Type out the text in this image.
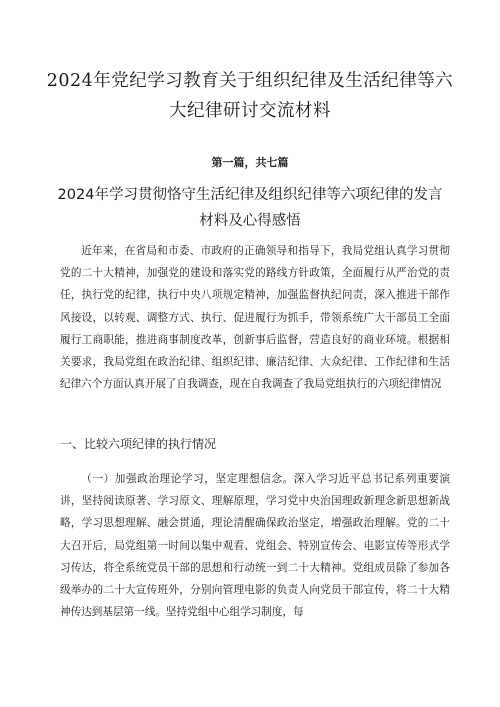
2024年党纪学习教育关于组织纪律及生活纪律等六大纪律研讨交流材料

第一篇，共七篇

2024年学习贯彻恪守生活纪律及组织纪律等六项纪律的发言材料及心得感悟

近年来，在省局和市委、市政府的正确领导和指导下，我局党组认真学习贯彻党的二十大精神，加强党的建设和落实党的路线方针政策，全面履行从严治党的责任，执行党的纪律，执行中央八项规定精神，加强监督执纪问责，深入推进干部作风接设，以转观、调整方式、执行、促进履行为抓手，带领系统广大干部员工全面履行工商职能，推进商事制度改革，创新事后监督，营造良好的商业环境。根据相关要求，我局党组在政治纪律、组织纪律、廉洁纪律、大众纪律、工作纪律和生活纪律六个方面认真开展了自我调查，现在自我调查了我局党组执行的六项纪律情况

一、比较六项纪律的执行情况

（一）加强政治理论学习，坚定理想信念。深入学习近平总书记系列重要演讲，坚持阅读原著、学习原文、理解原理，学习党中央治国理政新理念新思想新战略，学习思想理解、融会贯通，理论清醒确保政治坚定，增强政治理解。党的二十大召开后，局党组第一时间以集中观看、党组会、特别宣传会、电影宣传等形式学习传达，将全系统党员干部的思想和行动统一到二十大精神。党组成员除了参加各级举办的二十大宣传班外，分别向管理电影的负责人向党员干部宣传，将二十大精神传达到基层第一线。坚持党组中心组学习制度，每
